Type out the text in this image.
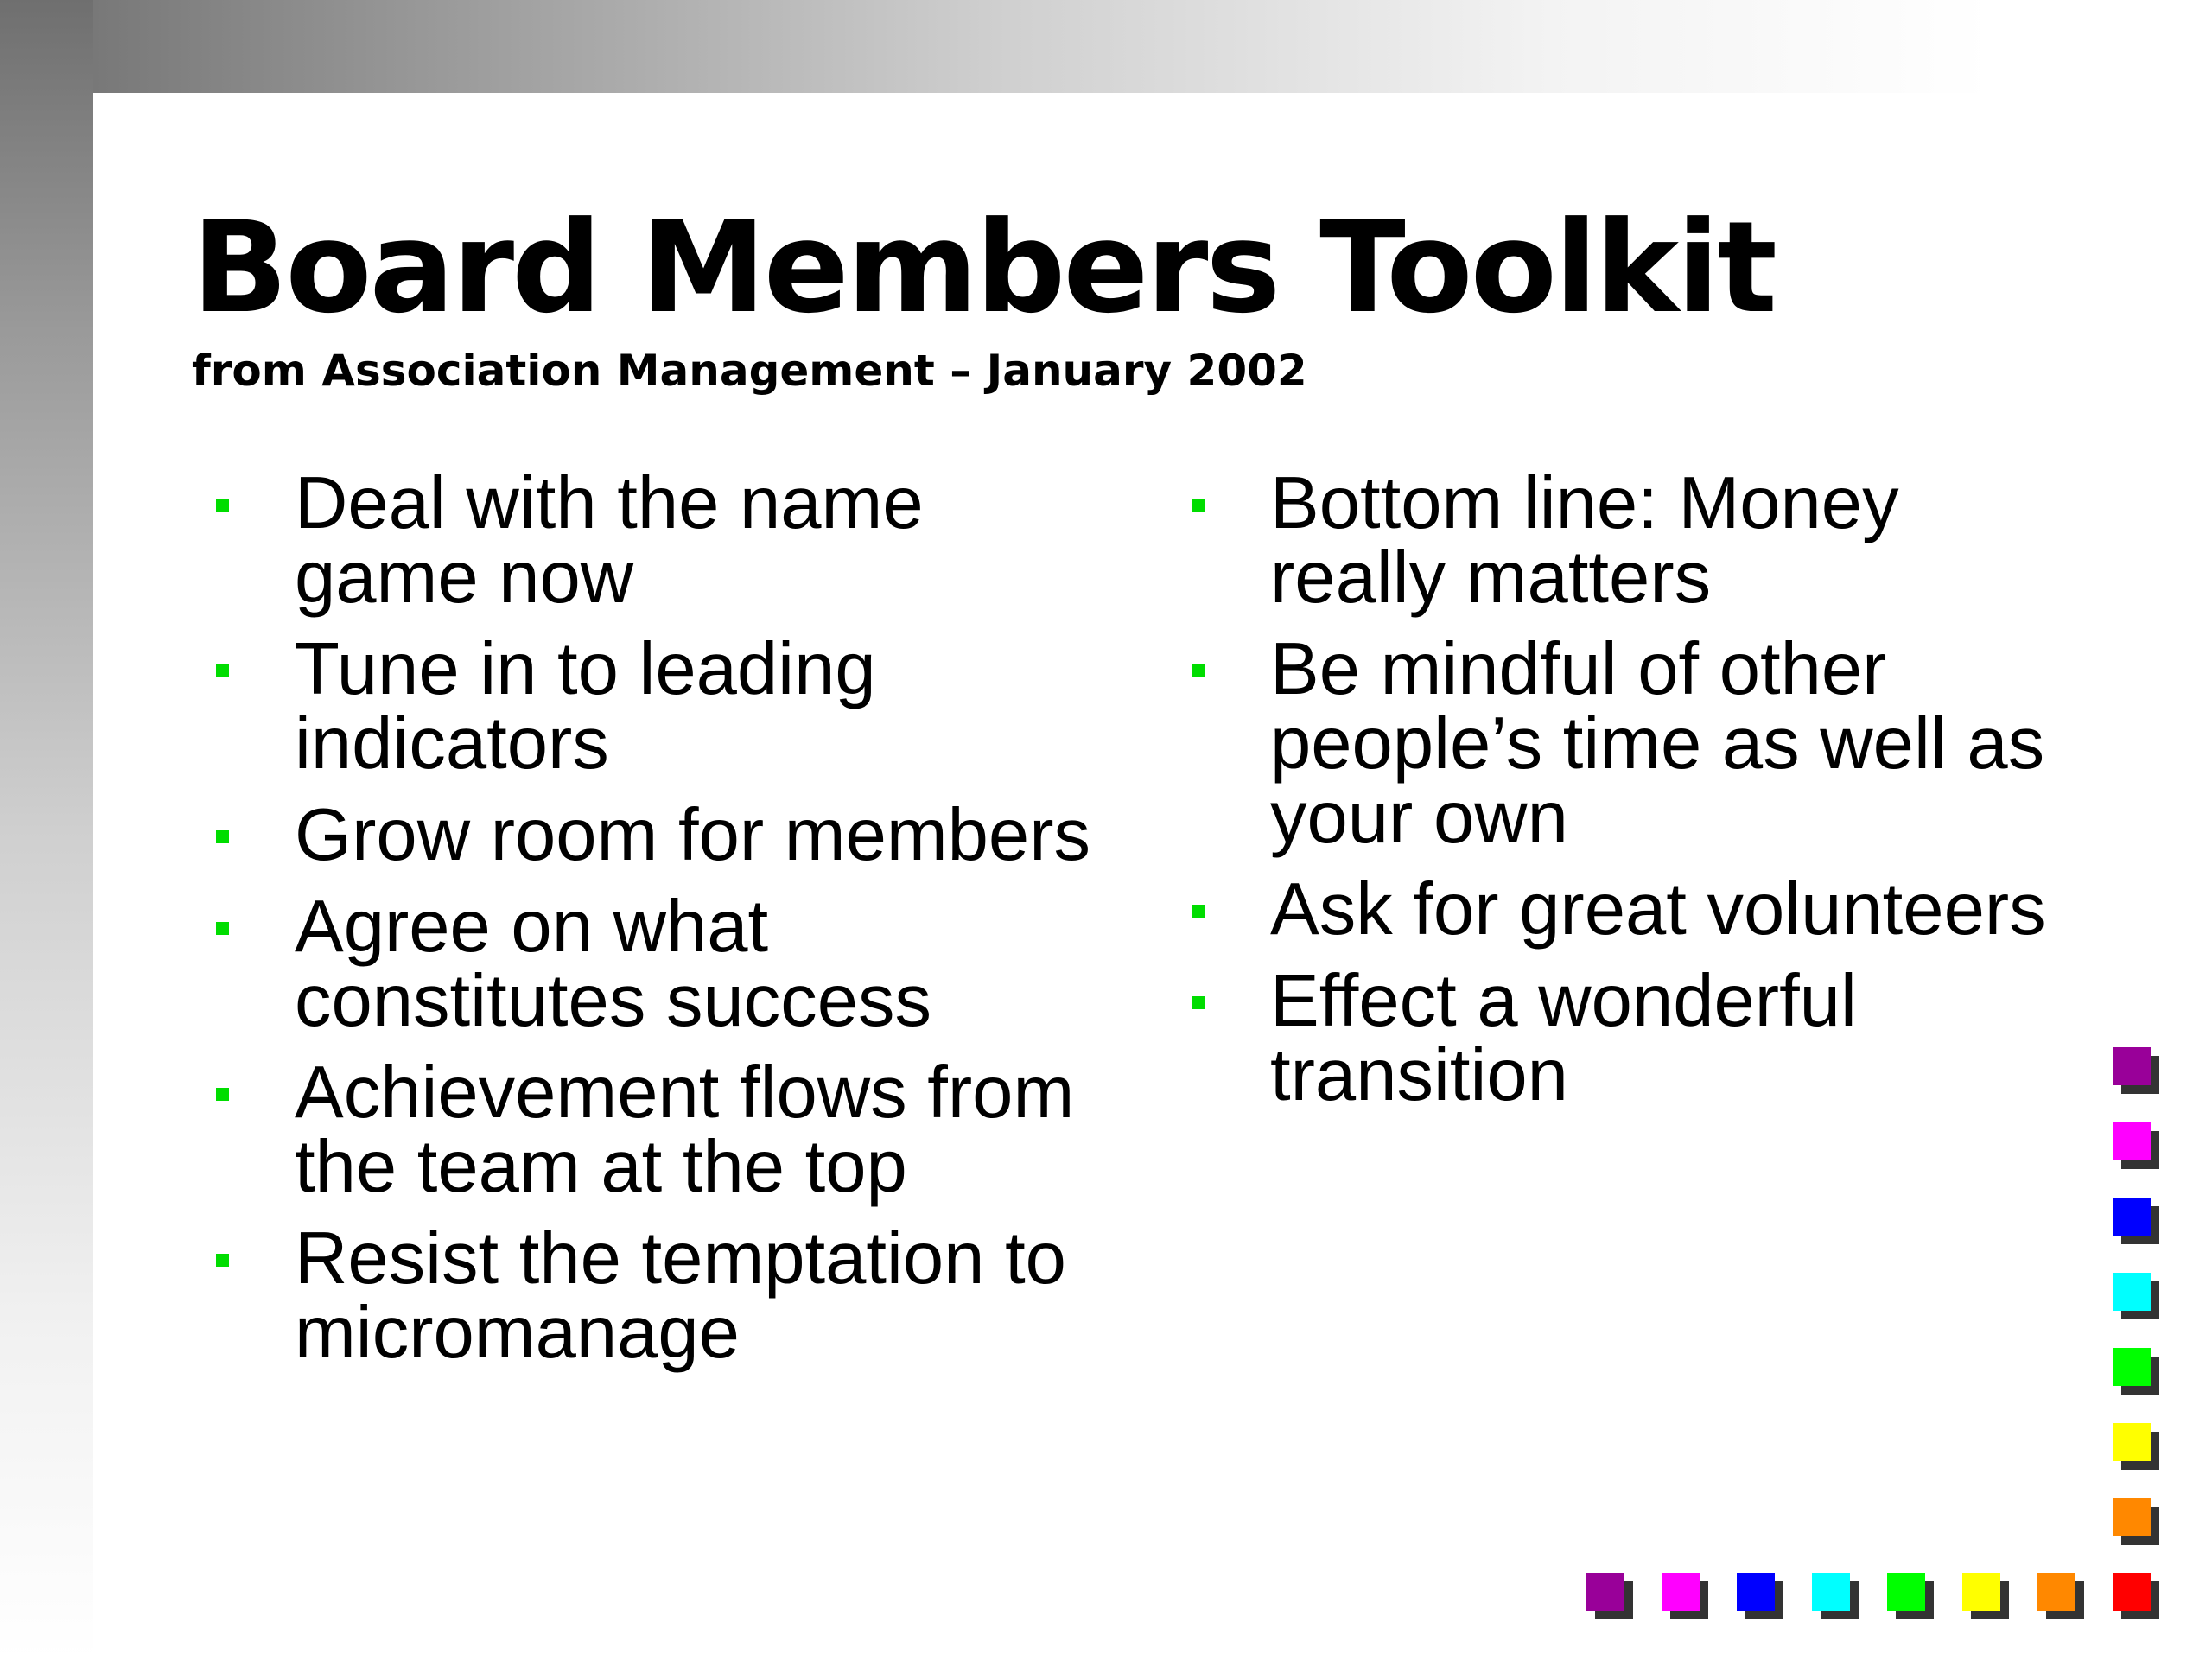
Board Members Toolkit

from Association Management – January 2002

Deal with the name game now
Tune in to leading indicators
Grow room for members
Agree on what constitutes success
Achievement flows from the team at the top
Resist the temptation to micromanage
Bottom line: Money really matters
Be mindful of other people’s time as well as your own
Ask for great volunteers
Effect a wonderful transition
